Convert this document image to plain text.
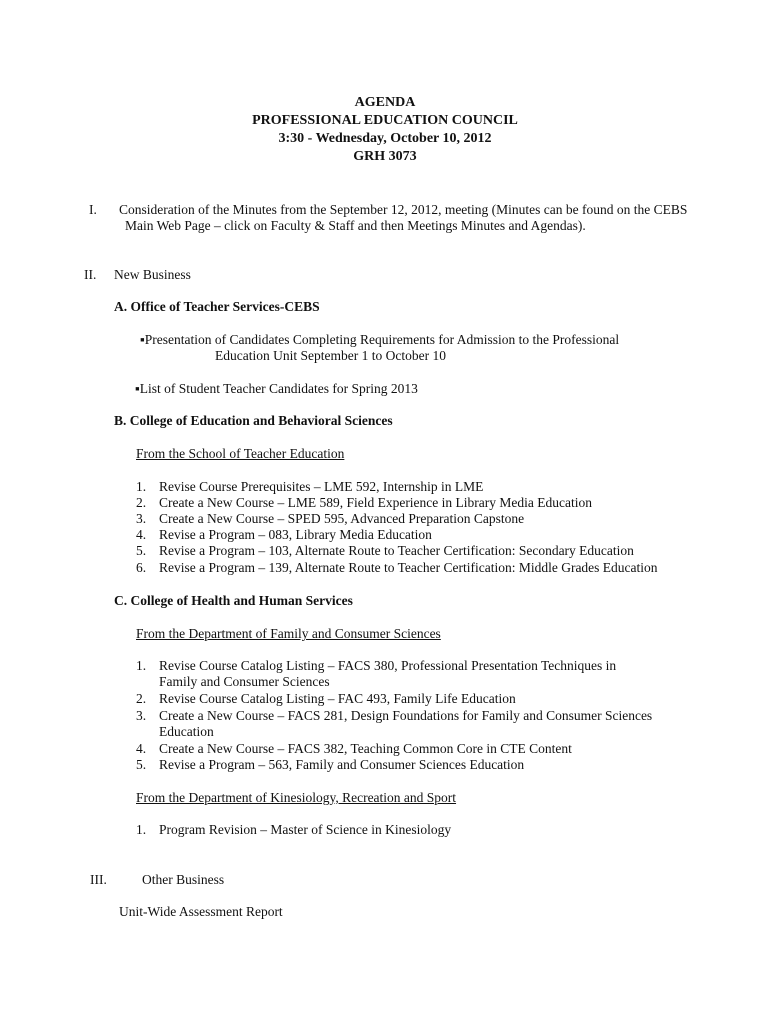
AGENDA
PROFESSIONAL EDUCATION COUNCIL
3:30 - Wednesday, October 10, 2012
GRH 3073
I. Consideration of the Minutes from the September 12, 2012, meeting (Minutes can be found on the CEBS
Main Web Page – click on Faculty & Staff and then Meetings Minutes and Agendas).
II. New Business
A. Office of Teacher Services-CEBS
▪Presentation of Candidates Completing Requirements for Admission to the Professional
Education Unit September 1 to October 10
▪List of Student Teacher Candidates for Spring 2013
B. College of Education and Behavioral Sciences
From the School of Teacher Education
1. Revise Course Prerequisites – LME 592, Internship in LME
2. Create a New Course – LME 589, Field Experience in Library Media Education
3. Create a New Course – SPED 595, Advanced Preparation Capstone
4. Revise a Program – 083, Library Media Education
5. Revise a Program – 103, Alternate Route to Teacher Certification: Secondary Education
6. Revise a Program – 139, Alternate Route to Teacher Certification: Middle Grades Education
C. College of Health and Human Services
From the Department of Family and Consumer Sciences
1. Revise Course Catalog Listing – FACS 380, Professional Presentation Techniques in
Family and Consumer Sciences
2. Revise Course Catalog Listing – FAC 493, Family Life Education
3. Create a New Course – FACS 281, Design Foundations for Family and Consumer Sciences
Education
4. Create a New Course – FACS 382, Teaching Common Core in CTE Content
5. Revise a Program – 563, Family and Consumer Sciences Education
From the Department of Kinesiology, Recreation and Sport
1. Program Revision – Master of Science in Kinesiology
III.	Other Business
Unit-Wide Assessment Report
